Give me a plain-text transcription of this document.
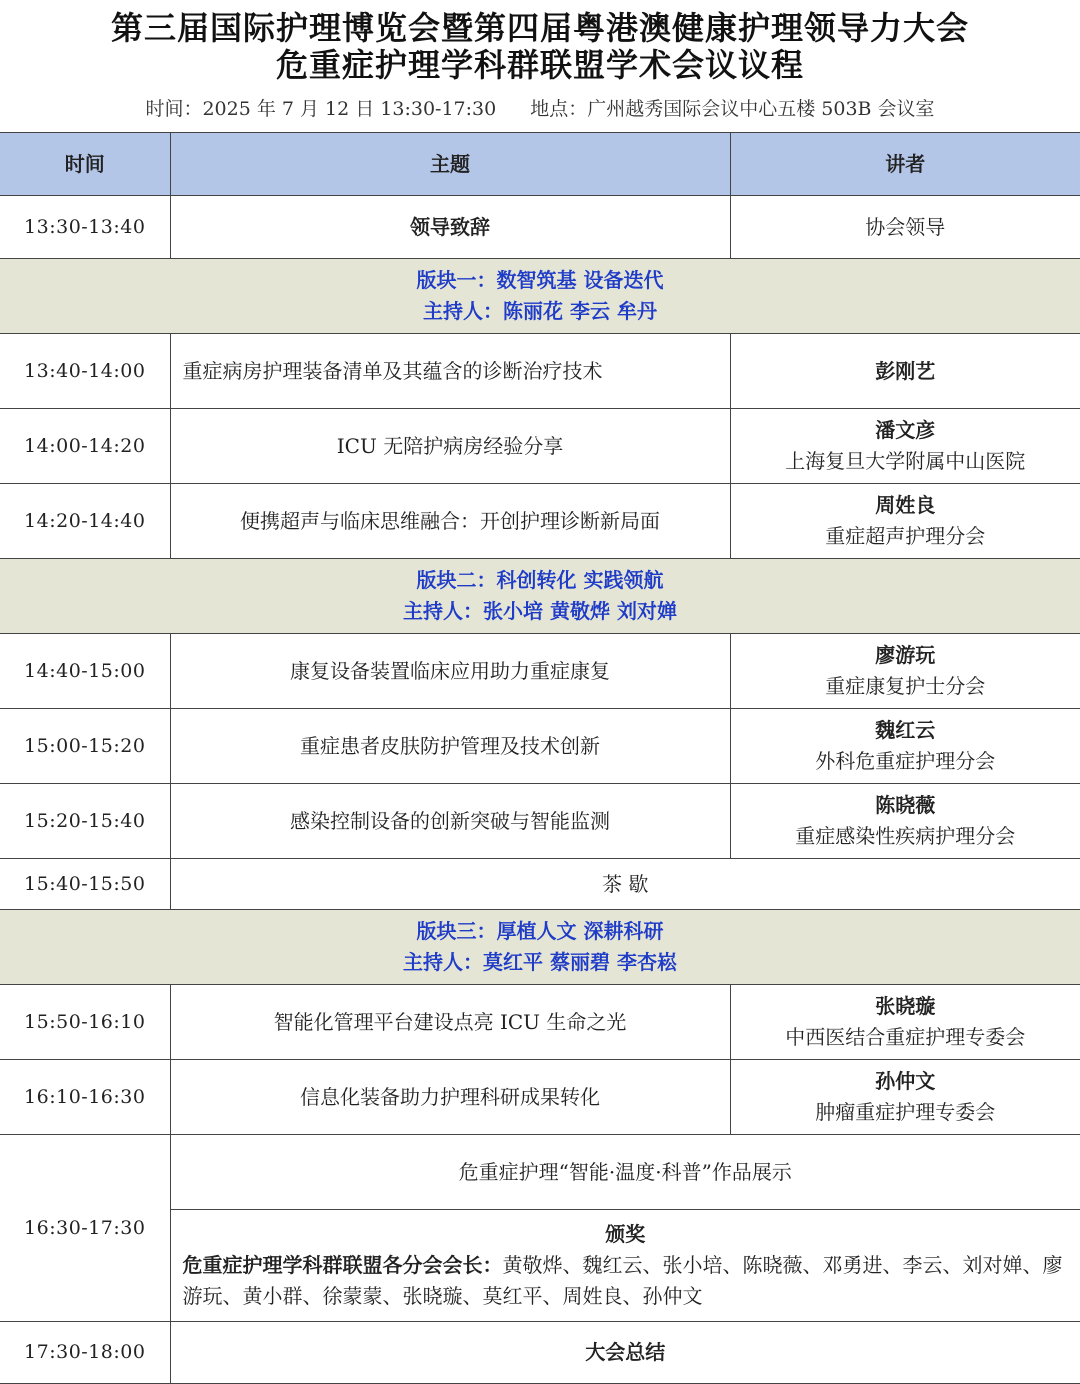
第三届国际护理博览会暨第四届粤港澳健康护理领导力大会
危重症护理学科群联盟学术会议议程
时间：2025 年 7 月 12 日 13:30-17:30 地点：广州越秀国际会议中心五楼 503B 会议室
时间	主题	讲者
13:30-13:40	领导致辞	协会领导

版块一：数智筑基 设备迭代
主持人：陈丽花 李云 牟丹		

13:40-14:00	重症病房护理装备清单及其蕴含的诊断治疗技术	彭刚艺

14:00-14:20	ICU 无陪护病房经验分享	潘文彦
上海复旦大学附属中山医院

14:20-14:40	便携超声与临床思维融合：开创护理诊断新局面	周姓良
重症超声护理分会

版块二：科创转化 实践领航
主持人：张小培 黄敬烨 刘对婵		

14:40-15:00	康复设备装置临床应用助力重症康复	廖游玩
重症康复护士分会

15:00-15:20	重症患者皮肤防护管理及技术创新	魏红云
外科危重症护理分会

15:20-15:40	感染控制设备的创新突破与智能监测	陈晓薇
重症感染性疾病护理分会

15:40-15:50	茶 歇	

版块三：厚植人文 深耕科研
主持人：莫红平 蔡丽碧 李杏崧		

15:50-16:10	智能化管理平台建设点亮 ICU 生命之光	张晓璇
中西医结合重症护理专委会

16:10-16:30	信息化装备助力护理科研成果转化	孙仲文
肿瘤重症护理专委会

16:30-17:30	危重症护理“智能·温度·科普”作品展示	

	颁奖
危重症护理学科群联盟各分会会长：黄敬烨、魏红云、张小培、陈晓薇、邓勇进、李云、刘对婵、廖游玩、黄小群、徐蒙蒙、张晓璇、莫红平、周姓良、孙仲文	

17:30-18:00	大会总结	
